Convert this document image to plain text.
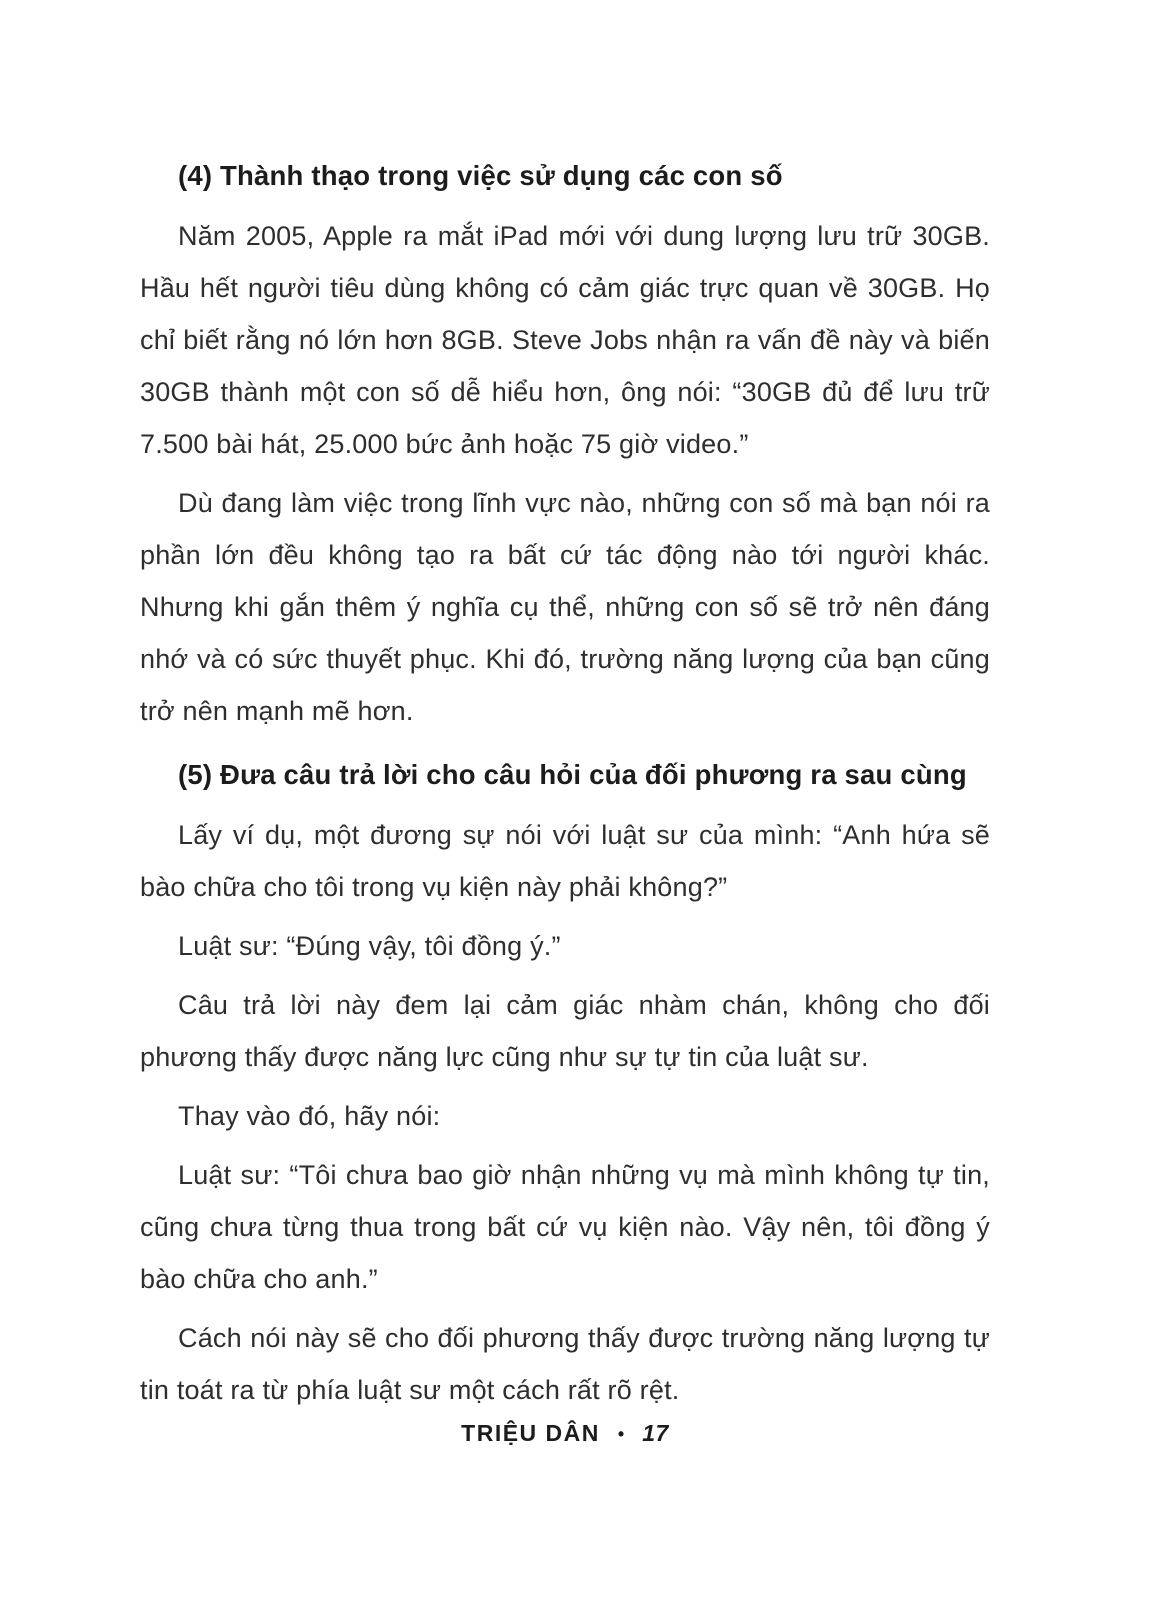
(4) Thành thạo trong việc sử dụng các con số

Năm 2005, Apple ra mắt iPad mới với dung lượng lưu trữ 30GB. Hầu hết người tiêu dùng không có cảm giác trực quan về 30GB. Họ chỉ biết rằng nó lớn hơn 8GB. Steve Jobs nhận ra vấn đề này và biến 30GB thành một con số dễ hiểu hơn, ông nói: “30GB đủ để lưu trữ 7.500 bài hát, 25.000 bức ảnh hoặc 75 giờ video.”

Dù đang làm việc trong lĩnh vực nào, những con số mà bạn nói ra phần lớn đều không tạo ra bất cứ tác động nào tới người khác. Nhưng khi gắn thêm ý nghĩa cụ thể, những con số sẽ trở nên đáng nhớ và có sức thuyết phục. Khi đó, trường năng lượng của bạn cũng trở nên mạnh mẽ hơn.

(5) Đưa câu trả lời cho câu hỏi của đối phương ra sau cùng

Lấy ví dụ, một đương sự nói với luật sư của mình: “Anh hứa sẽ bào chữa cho tôi trong vụ kiện này phải không?”

Luật sư: “Đúng vậy, tôi đồng ý.”

Câu trả lời này đem lại cảm giác nhàm chán, không cho đối phương thấy được năng lực cũng như sự tự tin của luật sư.

Thay vào đó, hãy nói:

Luật sư: “Tôi chưa bao giờ nhận những vụ mà mình không tự tin, cũng chưa từng thua trong bất cứ vụ kiện nào. Vậy nên, tôi đồng ý bào chữa cho anh.”

Cách nói này sẽ cho đối phương thấy được trường năng lượng tự tin toát ra từ phía luật sư một cách rất rõ rệt.

TRIỆU DÂN • 17
